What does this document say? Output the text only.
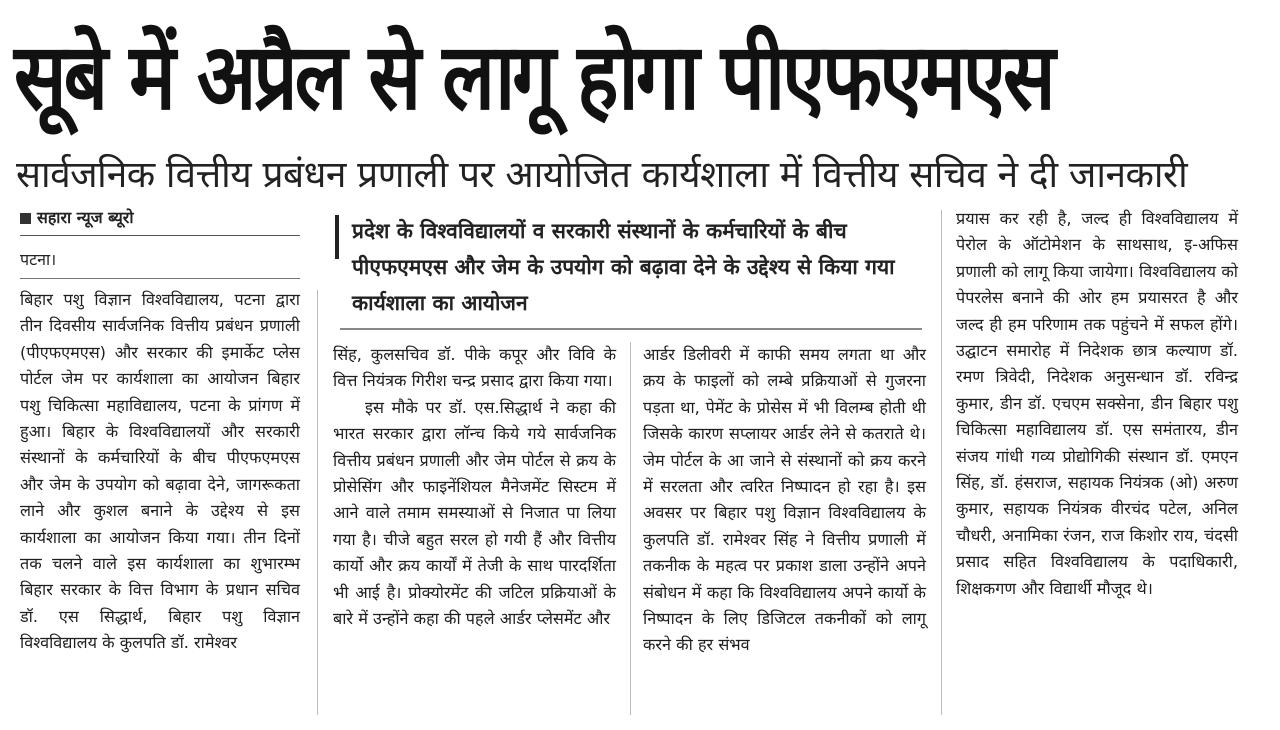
सूबे में अप्रैल से लागू होगा पीएफएमएस
सार्वजनिक वित्तीय प्रबंधन प्रणाली पर आयोजित कार्यशाला में वित्तीय सचिव ने दी जानकारी
सहारा न्यूज ब्यूरो
पटना।
प्रदेश के विश्वविद्यालयों व सरकारी संस्थानों के कर्मचारियों के बीच पीएफएमएस और जेम के उपयोग को बढ़ावा देने के उद्देश्य से किया गया कार्यशाला का आयोजन

बिहार पशु विज्ञान विश्वविद्यालय, पटना द्वारा तीन दिवसीय सार्वजनिक वित्तीय प्रबंधन प्रणाली (पीएफएमएस) और सरकार की इमार्केट प्लेस पोर्टल जेम पर कार्यशाला का आयोजन बिहार पशु चिकित्सा महाविद्यालय, पटना के प्रांगण में हुआ। बिहार के विश्वविद्यालयों और सरकारी संस्थानों के कर्मचारियों के बीच पीएफएमएस और जेम के उपयोग को बढ़ावा देने, जागरूकता लाने और कुशल बनाने के उद्देश्य से इस कार्यशाला का आयोजन किया गया। तीन दिनों तक चलने वाले इस कार्यशाला का शुभारम्भ बिहार सरकार के वित्त विभाग के प्रधान सचिव डॉ. एस सिद्धार्थ, बिहार पशु विज्ञान विश्वविद्यालय के कुलपति डॉ. रामेश्वर

सिंह, कुलसचिव डॉ. पीके कपूर और विवि के वित्त नियंत्रक गिरीश चन्द्र प्रसाद द्वारा किया गया।

इस मौके पर डॉ. एस.सिद्धार्थ ने कहा की भारत सरकार द्वारा लॉन्च किये गये सार्वजनिक वित्तीय प्रबंधन प्रणाली और जेम पोर्टल से क्रय के प्रोसेसिंग और फाइनेंशियल मैनेजमेंट सिस्टम में आने वाले तमाम समस्याओं से निजात पा लिया गया है। चीजे बहुत सरल हो गयी हैं और वित्तीय कार्यो और क्रय कार्यों में तेजी के साथ पारदर्शिता भी आई है। प्रोक्योरमेंट की जटिल प्रक्रियाओं के बारे में उन्होंने कहा की पहले आर्डर प्लेसमेंट और

आर्डर डिलीवरी में काफी समय लगता था और क्रय के फाइलों को लम्बे प्रक्रियाओं से गुजरना पड़ता था, पेमेंट के प्रोसेस में भी विलम्ब होती थी जिसके कारण सप्लायर आर्डर लेने से कतराते थे। जेम पोर्टल के आ जाने से संस्थानों को क्रय करने में सरलता और त्वरित निष्पादन हो रहा है। इस अवसर पर बिहार पशु विज्ञान विश्वविद्यालय के कुलपति डॉ. रामेश्वर सिंह ने वित्तीय प्रणाली में तकनीक के महत्व पर प्रकाश डाला उन्होंने अपने संबोधन में कहा कि विश्वविद्यालय अपने कार्यो के निष्पादन के लिए डिजिटल तकनीकों को लागू करने की हर संभव

प्रयास कर रही है, जल्द ही विश्वविद्यालय में पेरोल के ऑटोमेशन के साथसाथ, इ-अफिस प्रणाली को लागू किया जायेगा। विश्वविद्यालय को पेपरलेस बनाने की ओर हम प्रयासरत है और जल्द ही हम परिणाम तक पहुंचने में सफल होंगे। उद्घाटन समारोह में निदेशक छात्र कल्याण डॉ. रमण त्रिवेदी, निदेशक अनुसन्धान डॉ. रविन्द्र कुमार, डीन डॉ. एचएम सक्सेना, डीन बिहार पशु चिकित्सा महाविद्यालय डॉ. एस समंतारय, डीन संजय गांधी गव्य प्रोद्योगिकी संस्थान डॉ. एमएन सिंह, डॉ. हंसराज, सहायक नियंत्रक (ओ) अरुण कुमार, सहायक नियंत्रक वीरचंद पटेल, अनिल चौधरी, अनामिका रंजन, राज किशोर राय, चंदसी प्रसाद सहित विश्वविद्यालय के पदाधिकारी, शिक्षकगण और विद्यार्थी मौजूद थे।
